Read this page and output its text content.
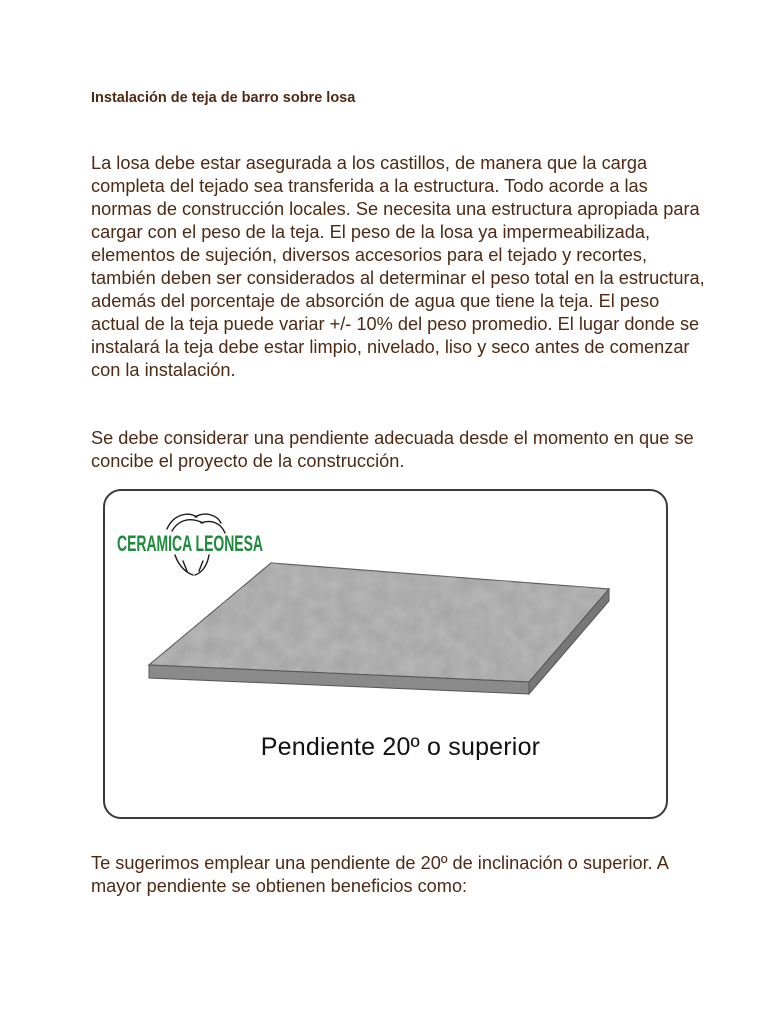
Instalación de teja de barro sobre losa

La losa debe estar asegurada a los castillos, de manera que la carga completa del tejado sea transferida a la estructura. Todo acorde a las normas de construcción locales. Se necesita una estructura apropiada para cargar con el peso de la teja. El peso de la losa ya impermeabilizada, elementos de sujeción, diversos accesorios para el tejado y recortes, también deben ser considerados al determinar el peso total en la estructura, además del porcentaje de absorción de agua que tiene la teja. El peso actual de la teja puede variar +/- 10% del peso promedio. El lugar donde se instalará la teja debe estar limpio, nivelado, liso y seco antes de comenzar con la instalación.

Se debe considerar una pendiente adecuada desde el momento en que se concibe el proyecto de la construcción.

CERAMICA LEONESA
Pendiente 20º o superior

Te sugerimos emplear una pendiente de 20º de inclinación o superior. A mayor pendiente se obtienen beneficios como:
